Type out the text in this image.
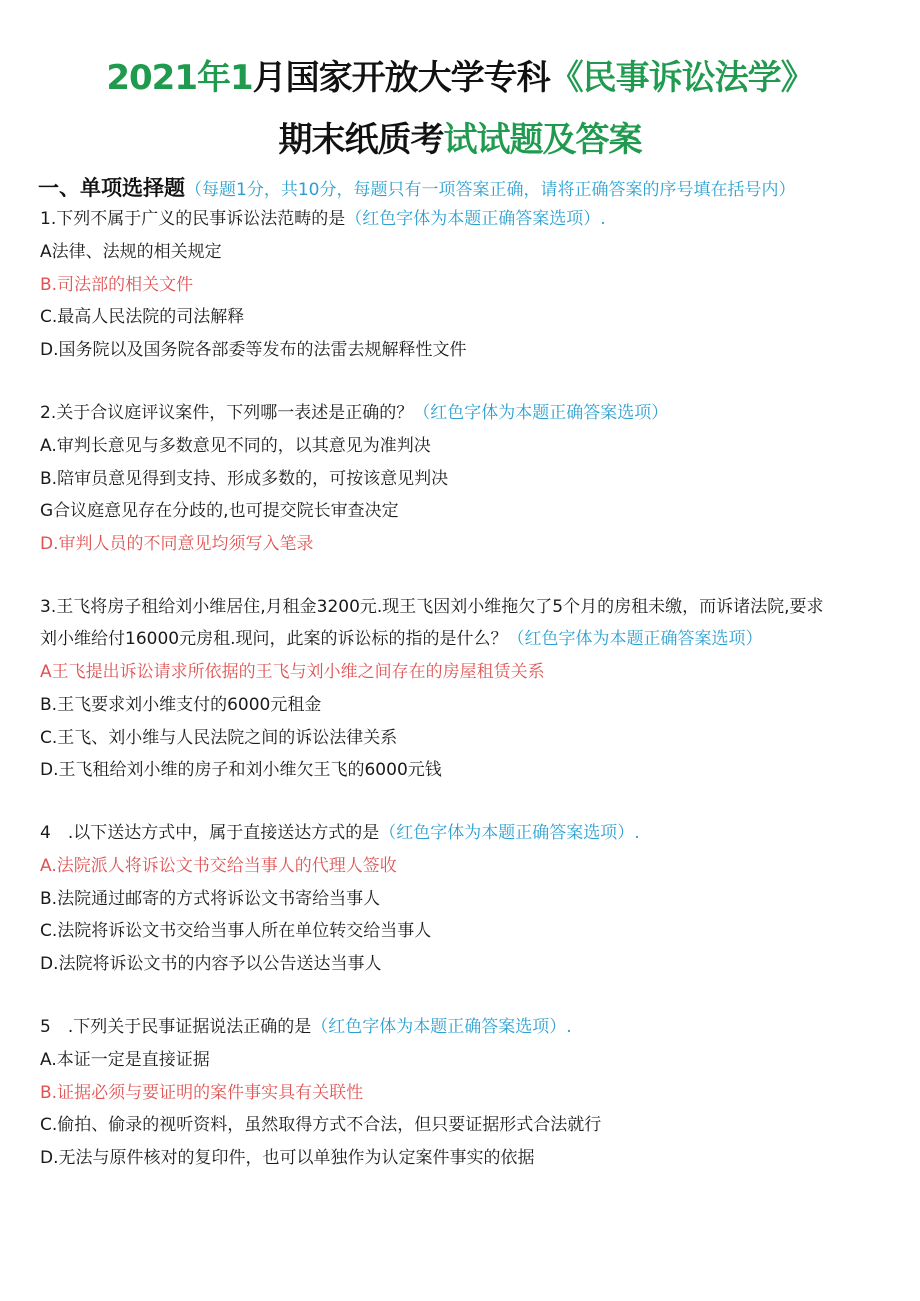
2021年1月国家开放大学专科《民事诉讼法学》
期末纸质考试试题及答案
一、单项选择题（每题1分，共10分，每题只有一项答案正确，请将正确答案的序号填在括号内）
1.下列不属于广义的民事诉讼法范畴的是（红色字体为本题正确答案选项）.
A法律、法规的相关规定
B.司法部的相关文件
C.最高人民法院的司法解释
D.国务院以及国务院各部委等发布的法雷去规解释性文件
2.关于合议庭评议案件，下列哪一表述是正确的？（红色字体为本题正确答案选项）
A.审判长意见与多数意见不同的，以其意见为准判决
B.陪审员意见得到支持、形成多数的，可按该意见判决
G合议庭意见存在分歧的,也可提交院长审查决定
D.审判人员的不同意见均须写入笔录
3.王飞将房子租给刘小维居住,月租金3200元.现王飞因刘小维拖欠了5个月的房租未缴，而诉诸法院,要求
刘小维给付16000元房租.现问，此案的诉讼标的指的是什么？（红色字体为本题正确答案选项）
A王飞提出诉讼请求所依据的王飞与刘小维之间存在的房屋租赁关系
B.王飞要求刘小维支付的6000元租金
C.王飞、刘小维与人民法院之间的诉讼法律关系
D.王飞租给刘小维的房子和刘小维欠王飞的6000元钱
4　.以下送达方式中，属于直接送达方式的是（红色字体为本题正确答案选项）.
A.法院派人将诉讼文书交给当事人的代理人签收
B.法院通过邮寄的方式将诉讼文书寄给当事人
C.法院将诉讼文书交给当事人所在单位转交给当事人
D.法院将诉讼文书的内容予以公告送达当事人
5　.下列关于民事证据说法正确的是（红色字体为本题正确答案选项）.
A.本证一定是直接证据
B.证据必须与要证明的案件事实具有关联性
C.偷拍、偷录的视听资料，虽然取得方式不合法，但只要证据形式合法就行
D.无法与原件核对的复印件，也可以单独作为认定案件事实的依据
